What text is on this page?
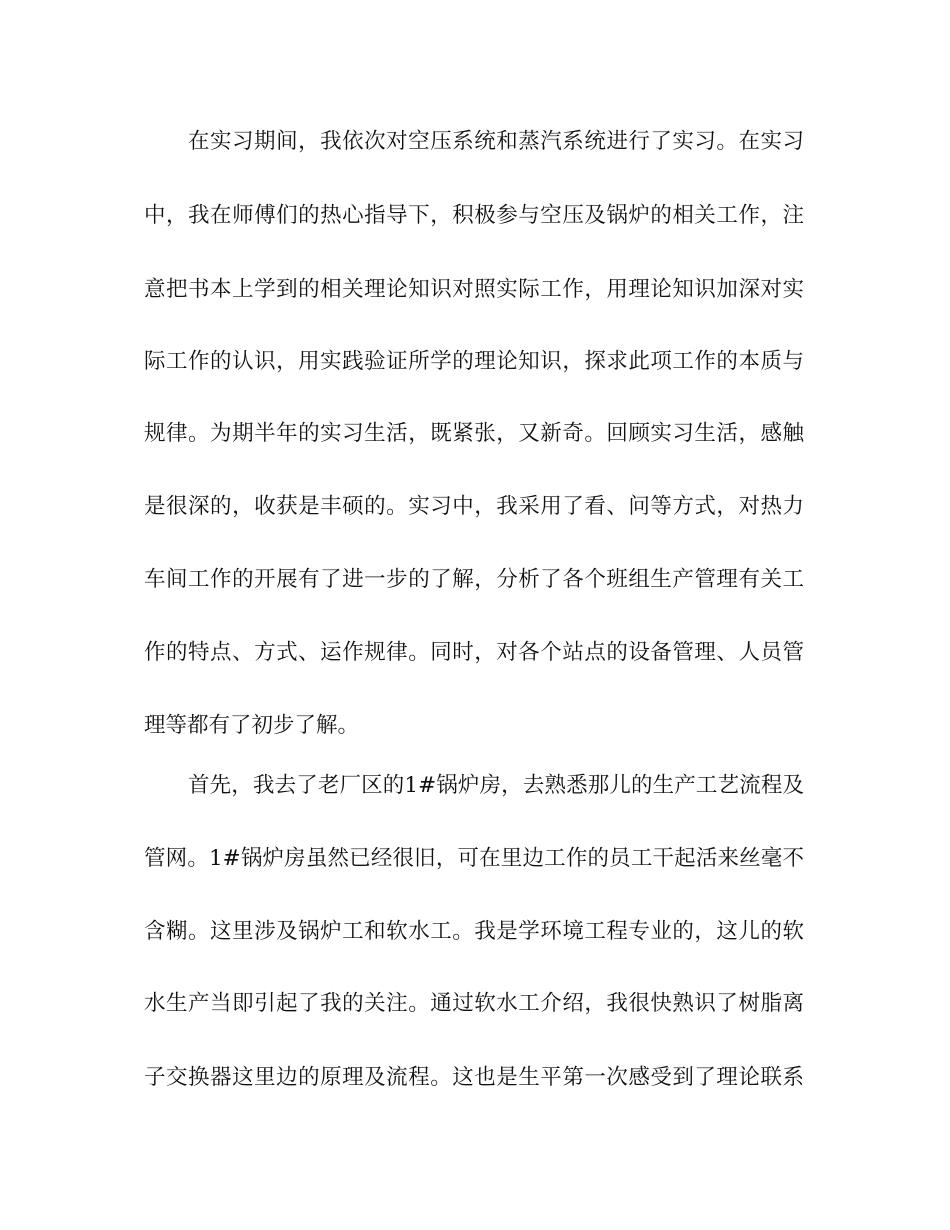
在实习期间，我依次对空压系统和蒸汽系统进行了实习。在实习
中，我在师傅们的热心指导下，积极参与空压及锅炉的相关工作，注
意把书本上学到的相关理论知识对照实际工作，用理论知识加深对实
际工作的认识，用实践验证所学的理论知识，探求此项工作的本质与
规律。为期半年的实习生活，既紧张，又新奇。回顾实习生活，感触
是很深的，收获是丰硕的。实习中，我采用了看、问等方式，对热力
车间工作的开展有了进一步的了解，分析了各个班组生产管理有关工
作的特点、方式、运作规律。同时，对各个站点的设备管理、人员管
理等都有了初步了解。
首先，我去了老厂区的1#锅炉房，去熟悉那儿的生产工艺流程及
管网。1#锅炉房虽然已经很旧，可在里边工作的员工干起活来丝毫不
含糊。这里涉及锅炉工和软水工。我是学环境工程专业的，这儿的软
水生产当即引起了我的关注。通过软水工介绍，我很快熟识了树脂离
子交换器这里边的原理及流程。这也是生平第一次感受到了理论联系
